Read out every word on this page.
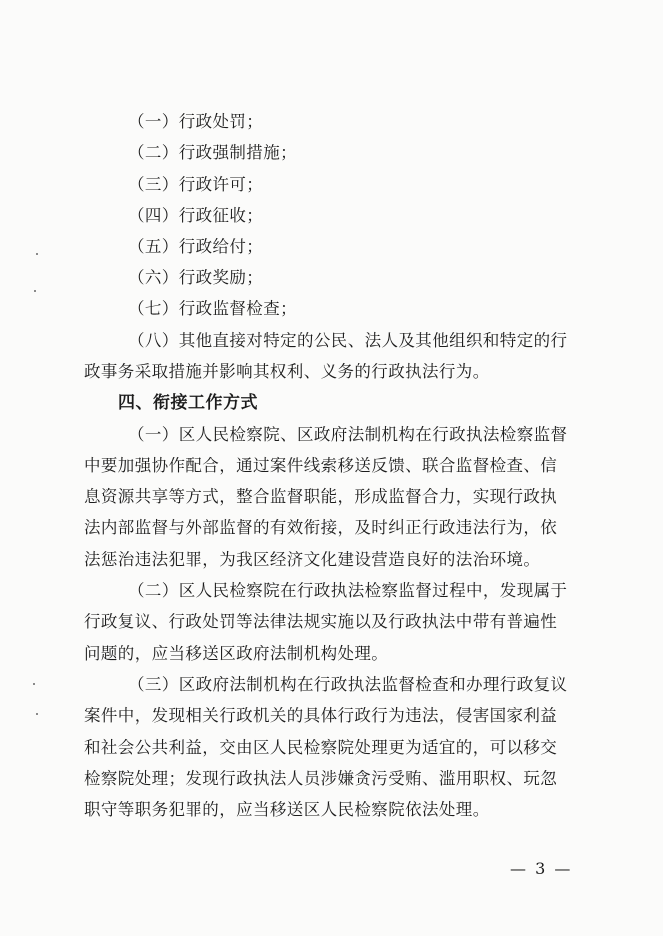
（一）行政处罚；
（二）行政强制措施；
（三）行政许可；
（四）行政征收；
（五）行政给付；
（六）行政奖励；
（七）行政监督检查；
（八）其他直接对特定的公民、法人及其他组织和特定的行
政事务采取措施并影响其权利、义务的行政执法行为。
四、衔接工作方式
（一）区人民检察院、区政府法制机构在行政执法检察监督
中要加强协作配合，通过案件线索移送反馈、联合监督检查、信
息资源共享等方式，整合监督职能，形成监督合力，实现行政执
法内部监督与外部监督的有效衔接，及时纠正行政违法行为，依
法惩治违法犯罪，为我区经济文化建设营造良好的法治环境。
（二）区人民检察院在行政执法检察监督过程中，发现属于
行政复议、行政处罚等法律法规实施以及行政执法中带有普遍性
问题的，应当移送区政府法制机构处理。
（三）区政府法制机构在行政执法监督检查和办理行政复议
案件中，发现相关行政机关的具体行政行为违法，侵害国家利益
和社会公共利益，交由区人民检察院处理更为适宜的，可以移交
检察院处理；发现行政执法人员涉嫌贪污受贿、滥用职权、玩忽
职守等职务犯罪的，应当移送区人民检察院依法处理。
— 3 —
